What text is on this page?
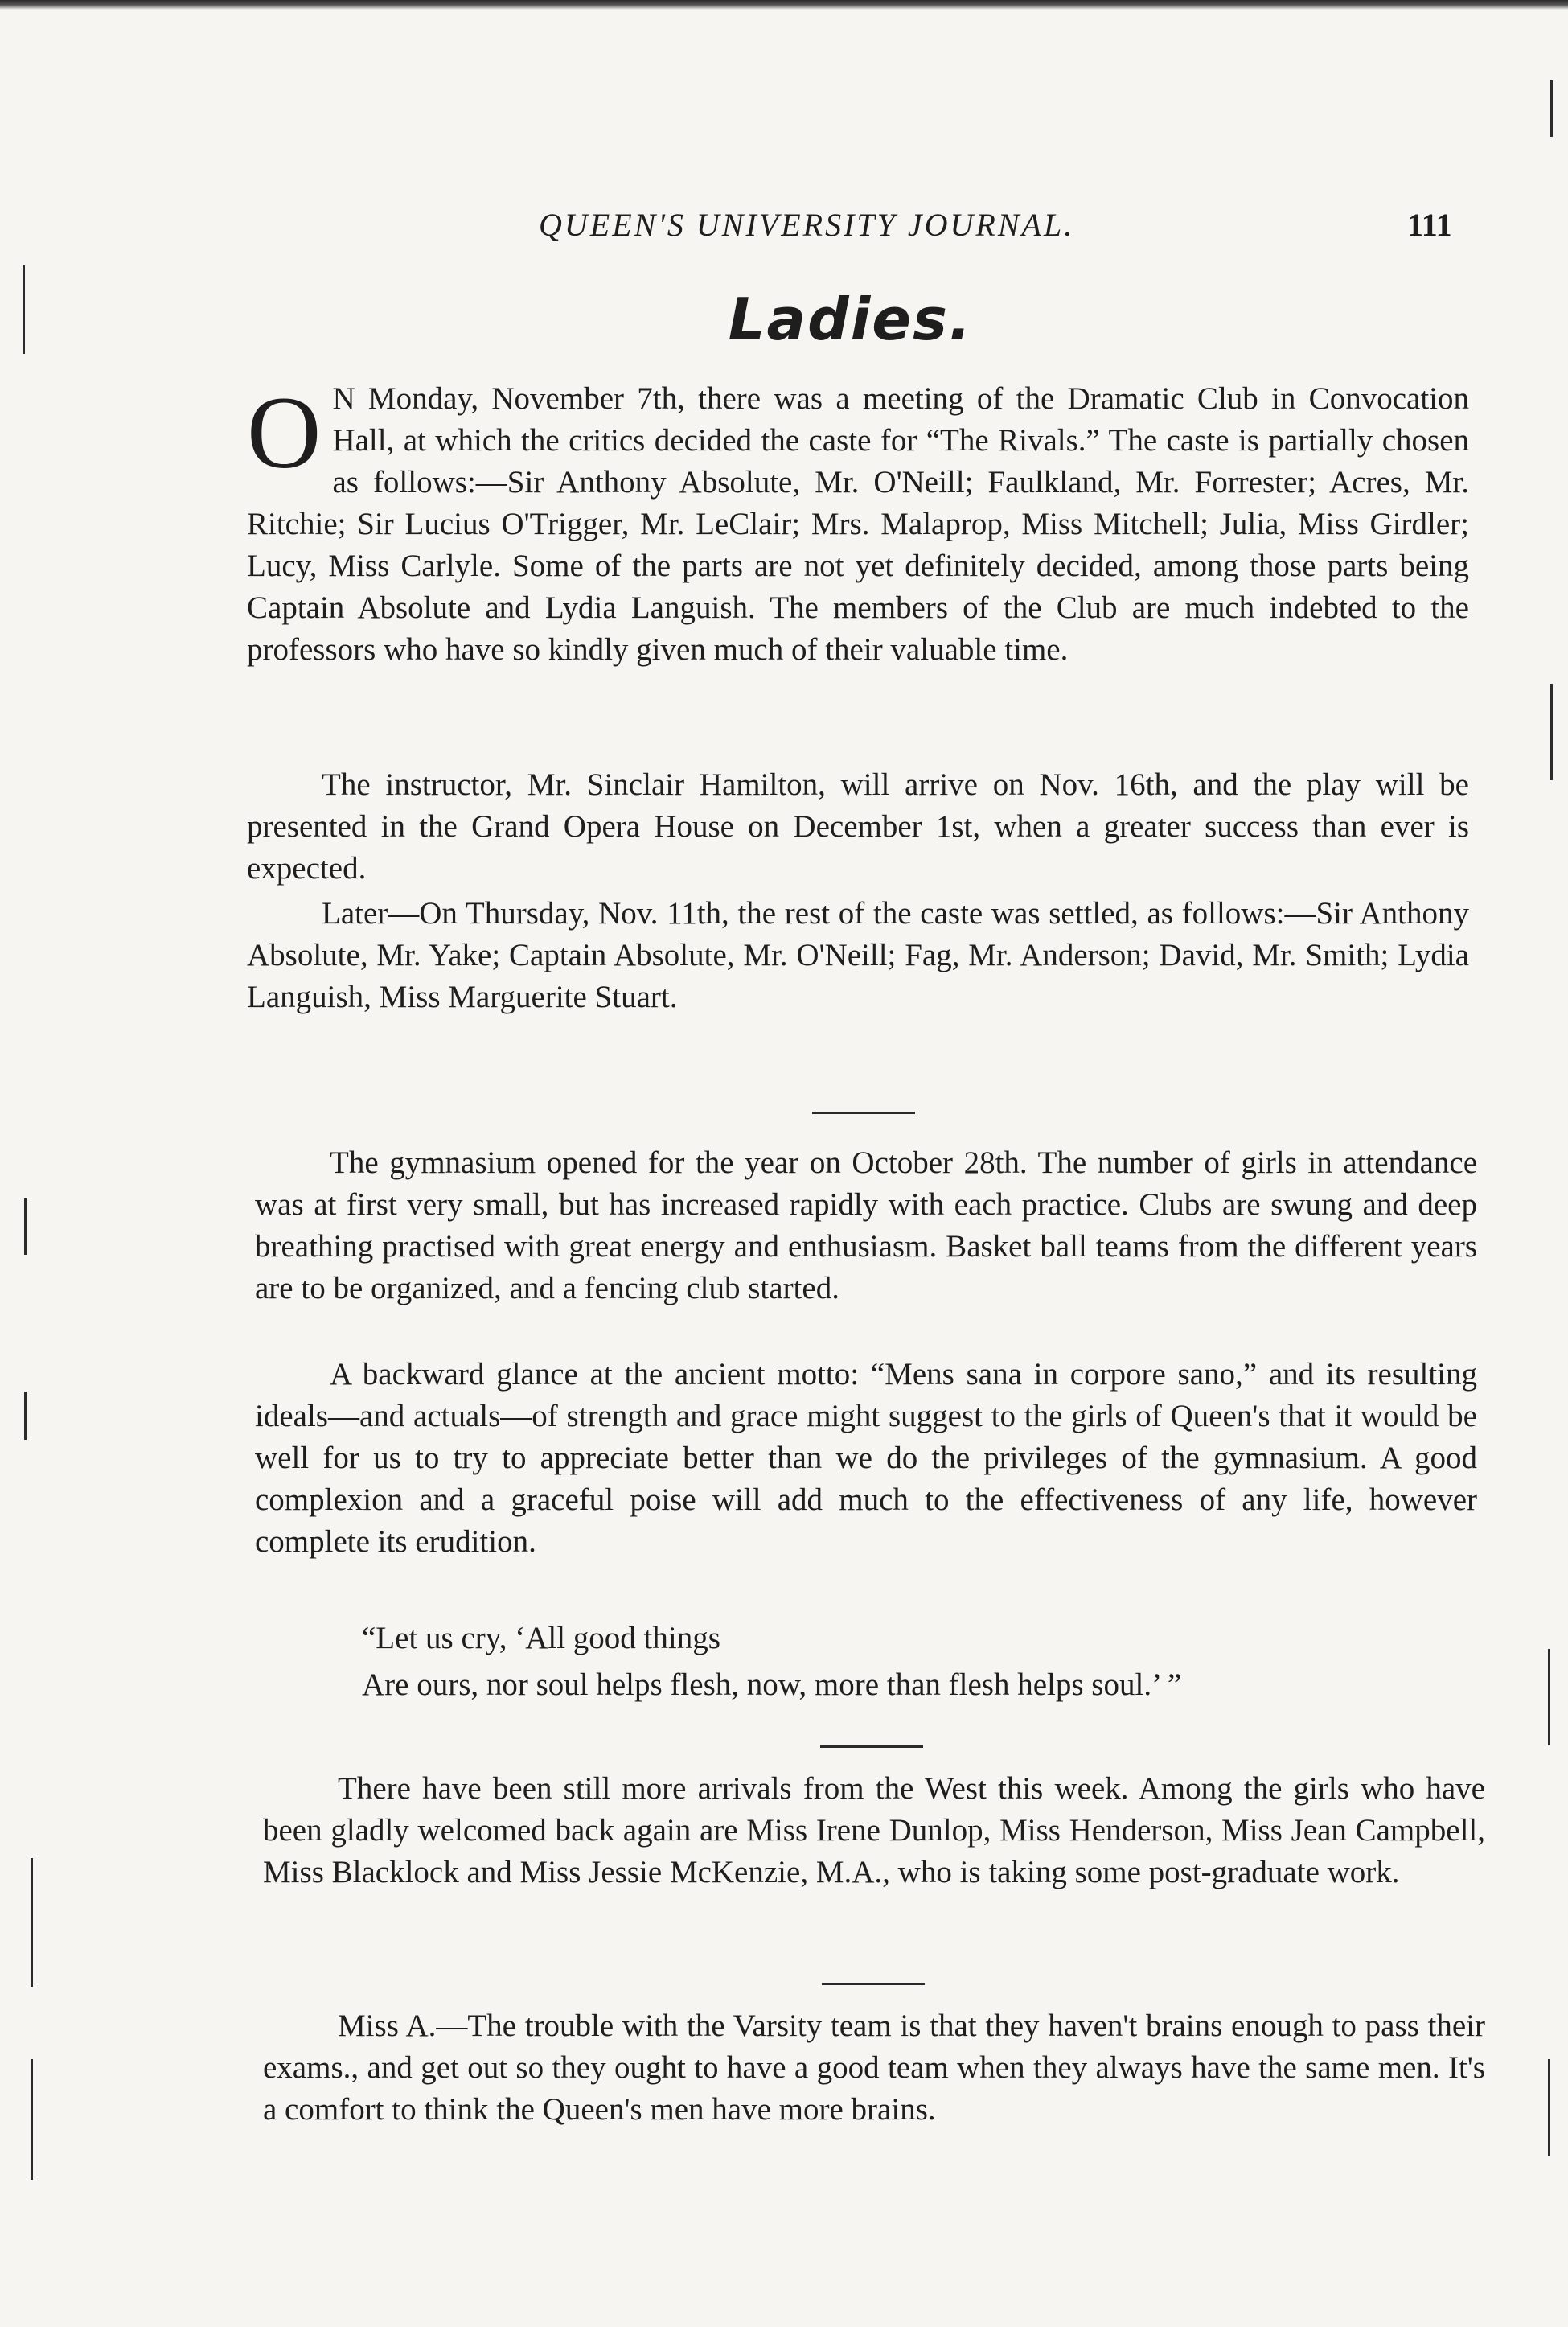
QUEEN'S UNIVERSITY JOURNAL.	111
Ladies.

O N Monday, November 7th, there was a meeting of the Dramatic Club in Convocation Hall, at which the critics decided the caste for “The Rivals.” The caste is partially chosen as follows:—Sir Anthony Absolute, Mr. O'Neill; Faulkland, Mr. Forrester; Acres, Mr. Ritchie; Sir Lucius O'Trigger, Mr. LeClair; Mrs. Malaprop, Miss Mitchell; Julia, Miss Girdler; Lucy, Miss Carlyle. Some of the parts are not yet definitely decided, among those parts being Captain Absolute and Lydia Languish. The members of the Club are much indebted to the professors who have so kindly given much of their valuable time.

The instructor, Mr. Sinclair Hamilton, will arrive on Nov. 16th, and the play will be presented in the Grand Opera House on December 1st, when a greater success than ever is expected.

Later—On Thursday, Nov. 11th, the rest of the caste was settled, as follows:—Sir Anthony Absolute, Mr. Yake; Captain Absolute, Mr. O'Neill; Fag, Mr. Anderson; David, Mr. Smith; Lydia Languish, Miss Marguerite Stuart.

The gymnasium opened for the year on October 28th. The number of girls in attendance was at first very small, but has increased rapidly with each practice. Clubs are swung and deep breathing practised with great energy and enthusiasm. Basket ball teams from the different years are to be organized, and a fencing club started.

A backward glance at the ancient motto: “Mens sana in corpore sano,” and its resulting ideals—and actuals—of strength and grace might suggest to the girls of Queen's that it would be well for us to try to appreciate better than we do the privileges of the gymnasium. A good complexion and a graceful poise will add much to the effectiveness of any life, however complete its erudition.

“Let us cry, ‘All good things
Are ours, nor soul helps flesh, now, more than flesh helps soul.’ ”

There have been still more arrivals from the West this week. Among the girls who have been gladly welcomed back again are Miss Irene Dunlop, Miss Henderson, Miss Jean Campbell, Miss Blacklock and Miss Jessie McKenzie, M.A., who is taking some post-graduate work.

Miss A.—The trouble with the Varsity team is that they haven't brains enough to pass their exams., and get out so they ought to have a good team when they always have the same men. It's a comfort to think the Queen's men have more brains.
